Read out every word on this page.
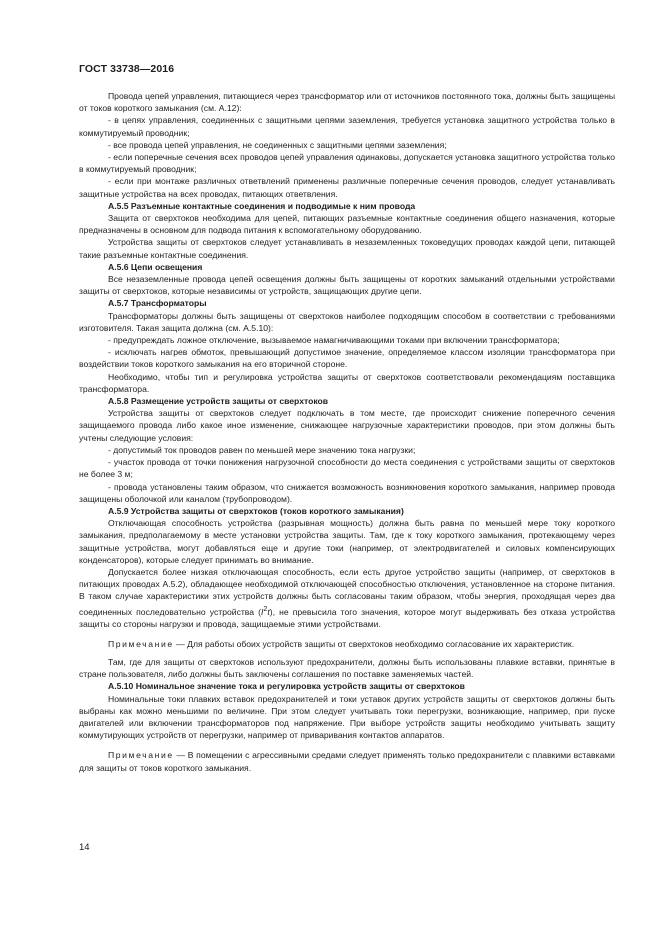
ГОСТ 33738—2016

Провода цепей управления, питающиеся через трансформатор или от источников постоянного тока, должны быть защищены от токов короткого замыкания (см. А.12):

- в цепях управления, соединенных с защитными цепями заземления, требуется установка защитного устройства только в коммутируемый проводник;

- все провода цепей управления, не соединенных с защитными цепями заземления;

- если поперечные сечения всех проводов цепей управления одинаковы, допускается установка защитного устройства только в коммутируемый проводник;

- если при монтаже различных ответвлений применены различные поперечные сечения проводов, следует устанавливать защитные устройства на всех проводах, питающих ответвления.

А.5.5 Разъемные контактные соединения и подводимые к ним провода

Защита от сверхтоков необходима для цепей, питающих разъемные контактные соединения общего назначения, которые предназначены в основном для подвода питания к вспомогательному оборудованию.

Устройства защиты от сверхтоков следует устанавливать в незаземленных токоведущих проводах каждой цепи, питающей такие разъемные контактные соединения.

А.5.6 Цепи освещения

Все незаземленные провода цепей освещения должны быть защищены от коротких замыканий отдельными устройствами защиты от сверхтоков, которые независимы от устройств, защищающих другие цепи.

А.5.7 Трансформаторы

Трансформаторы должны быть защищены от сверхтоков наиболее подходящим способом в соответствии с требованиями изготовителя. Такая защита должна (см. А.5.10):

- предупреждать ложное отключение, вызываемое намагничивающими токами при включении трансформатора;

- исключать нагрев обмоток, превышающий допустимое значение, определяемое классом изоляции трансформатора при воздействии токов короткого замыкания на его вторичной стороне.

Необходимо, чтобы тип и регулировка устройства защиты от сверхтоков соответствовали рекомендациям поставщика трансформатора.

А.5.8 Размещение устройств защиты от сверхтоков

Устройства защиты от сверхтоков следует подключать в том месте, где происходит снижение поперечного сечения защищаемого провода либо какое иное изменение, снижающее нагрузочные характеристики проводов, при этом должны быть учтены следующие условия:

- допустимый ток проводов равен по меньшей мере значению тока нагрузки;

- участок провода от точки понижения нагрузочной способности до места соединения с устройствами защиты от сверхтоков не более 3 м;

- провода установлены таким образом, что снижается возможность возникновения короткого замыкания, например провода защищены оболочкой или каналом (трубопроводом).

А.5.9 Устройства защиты от сверхтоков (токов короткого замыкания)

Отключающая способность устройства (разрывная мощность) должна быть равна по меньшей мере току короткого замыкания, предполагаемому в месте установки устройства защиты. Там, где к току короткого замыкания, протекающему через защитные устройства, могут добавляться еще и другие токи (например, от электродвигателей и силовых компенсирующих конденсаторов), которые следует принимать во внимание.

Допускается более низкая отключающая способность, если есть другое устройство защиты (например, от сверхтоков в питающих проводах А.5.2), обладающее необходимой отключающей способностью отключения, установленное на стороне питания. В таком случае характеристики этих устройств должны быть согласованы таким образом, чтобы энергия, проходящая через два соединенных последовательно устройства $(I^2t)$, не превысила того значения, которое могут выдерживать без отказа устройства защиты со стороны нагрузки и провода, защищаемые этими устройствами.

Примечание — Для работы обоих устройств защиты от сверхтоков необходимо согласование их характеристик.

Там, где для защиты от сверхтоков используют предохранители, должны быть использованы плавкие вставки, принятые в стране пользователя, либо должны быть заключены соглашения по поставке заменяемых частей.

А.5.10 Номинальное значение тока и регулировка устройств защиты от сверхтоков

Номинальные токи плавких вставок предохранителей и токи уставок других устройств защиты от сверхтоков должны быть выбраны как можно меньшими по величине. При этом следует учитывать токи перегрузки, возникающие, например, при пуске двигателей или включении трансформаторов под напряжение. При выборе устройств защиты необходимо учитывать защиту коммутирующих устройств от перегрузки, например от приваривания контактов аппаратов.

Примечание — В помещении с агрессивными средами следует применять только предохранители с плавкими вставками для защиты от токов короткого замыкания.

14
